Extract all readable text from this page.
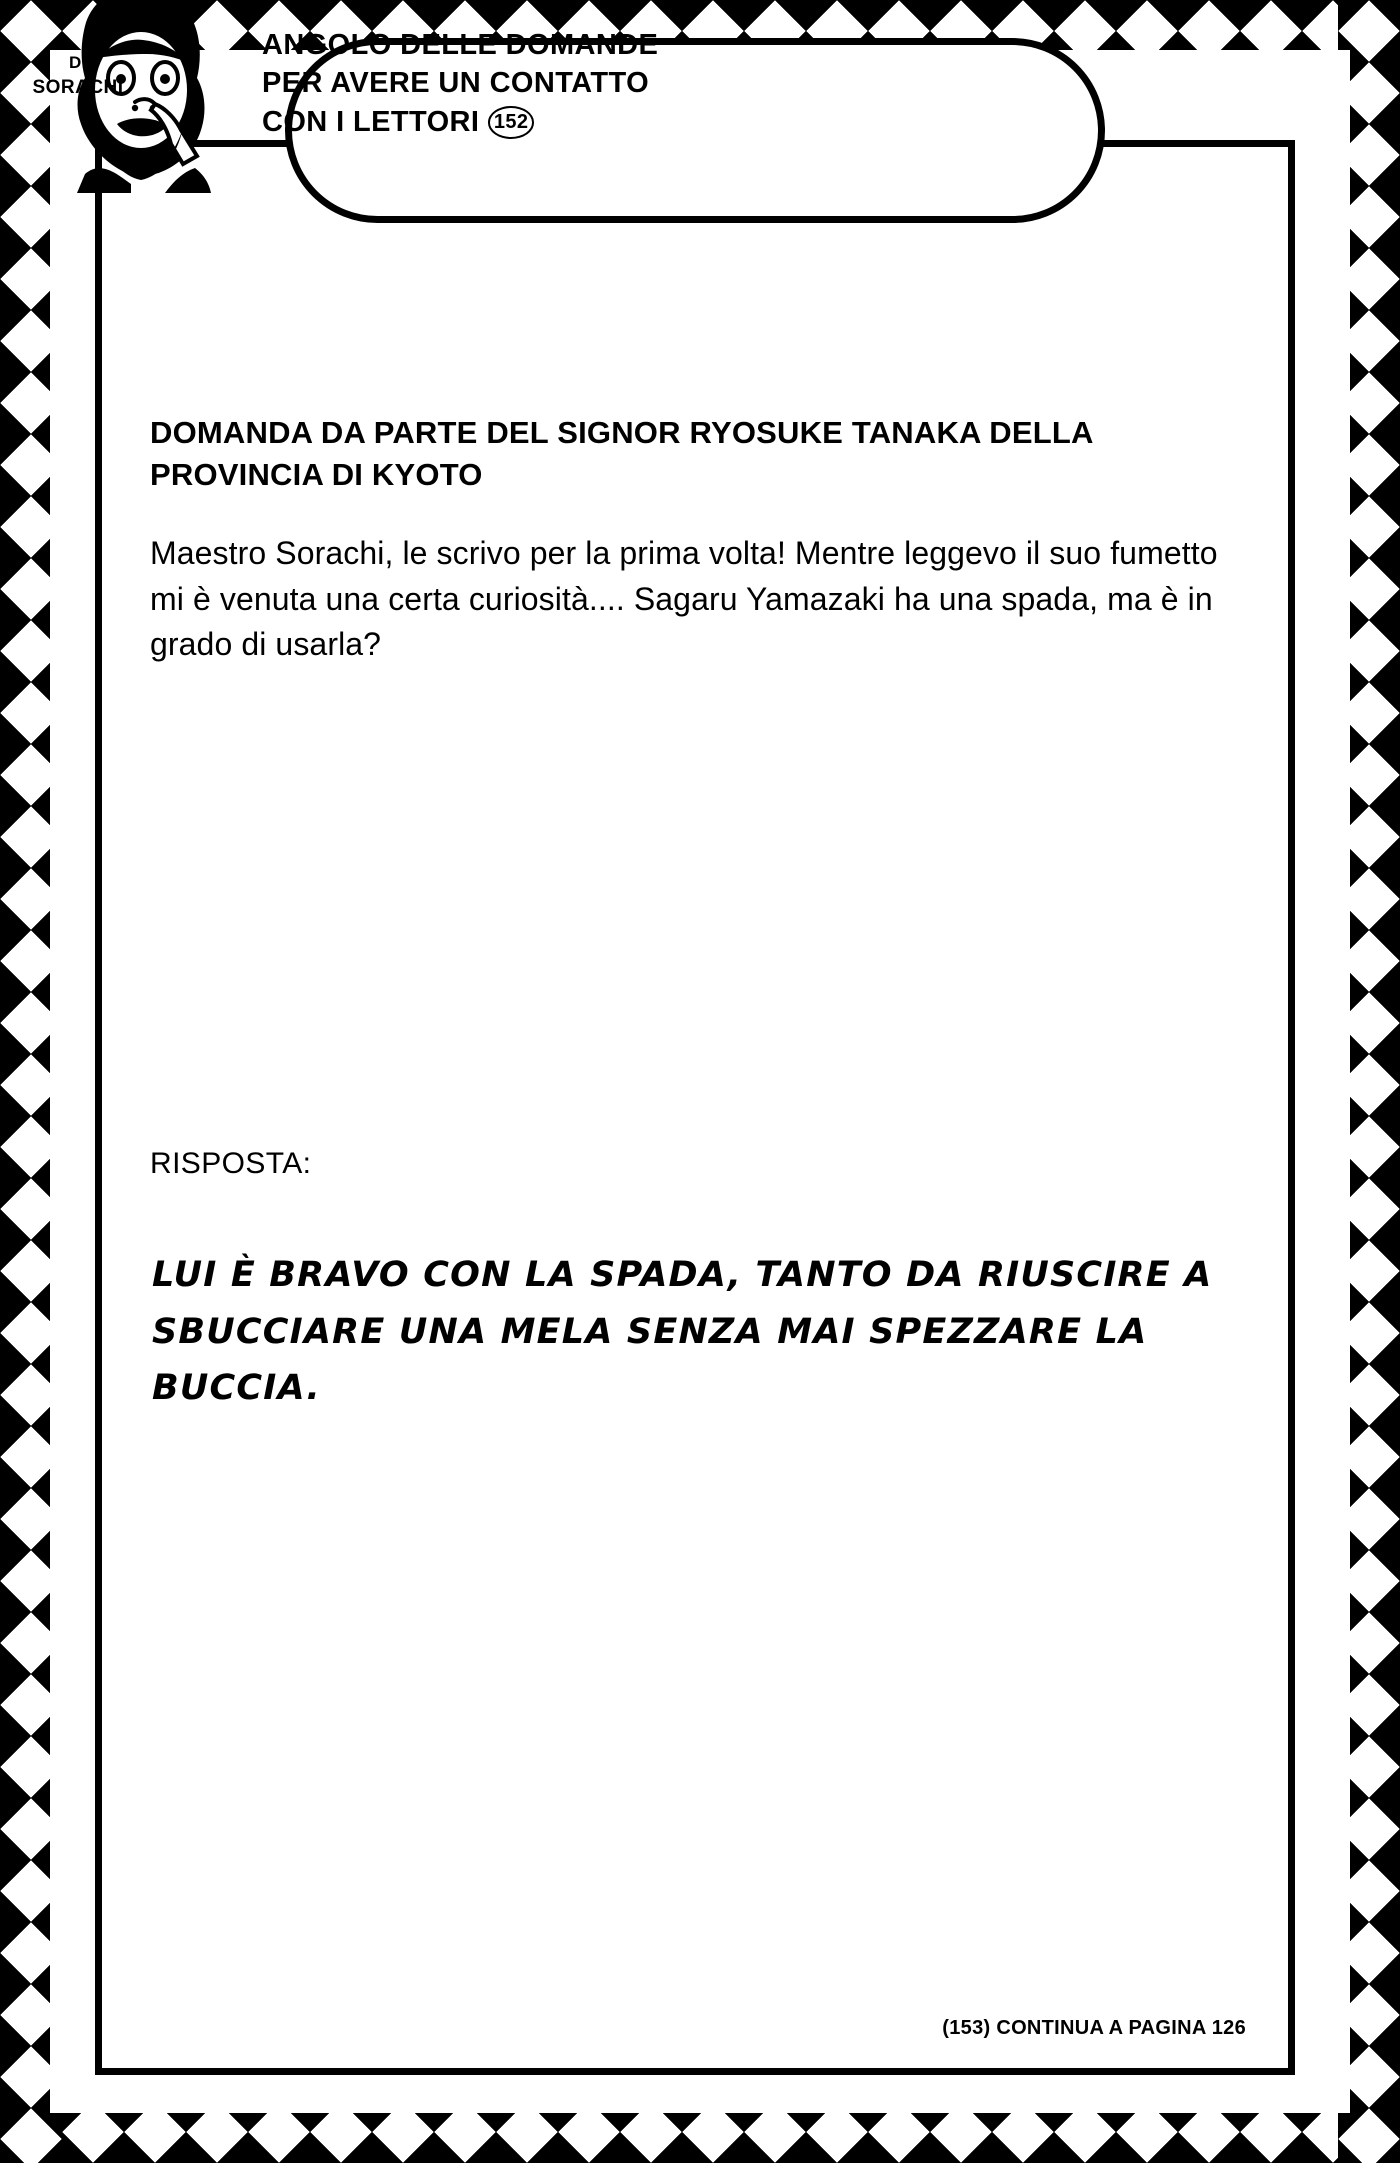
DOMANDA DA PARTE DEL SIGNOR RYOSUKE TANAKA DELLA PROVINCIA DI KYOTO

Maestro Sorachi, le scrivo per la prima volta! Mentre leggevo il suo fumetto mi è venuta una certa curiosità.... Sagaru Yamazaki ha una spada, ma è in grado di usarla?

RISPOSTA:
LUI È BRAVO CON LA SPADA, TANTO DA RIUSCIRE A SBUCCIARE UNA MELA SENZA MAI SPEZZARE LA BUCCIA.
(153) CONTINUA A PAGINA 126
DI
SORACHI
ANGOLO DELLE DOMANDE
PER AVERE UN CONTATTO
CON I LETTORI 152
